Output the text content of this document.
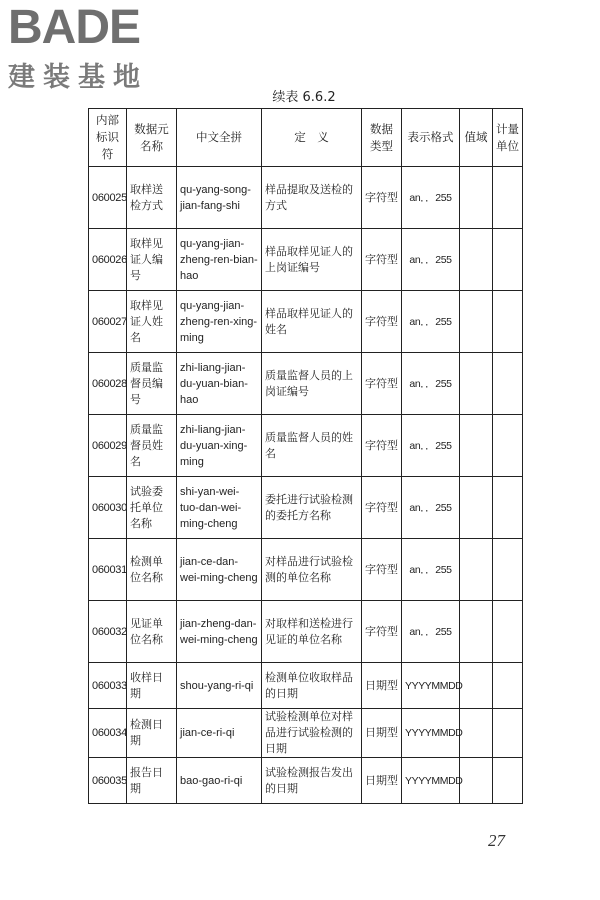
BADE
建装基地
续表 6.6.2
内部标识符	数据元名称	中文全拼	定　义	数据类型	表示格式	值域	计量单位
060025	取样送检方式	qu-yang-song-jian-fang-shi	样品提取及送检的方式	字符型	an．．255		
060026	取样见证人编号	qu-yang-jian-zheng-ren-bian-hao	样品取样见证人的上岗证编号	字符型	an．．255		
060027	取样见证人姓名	qu-yang-jian-zheng-ren-xing-ming	样品取样见证人的姓名	字符型	an．．255		
060028	质量监督员编号	zhi-liang-jian-du-yuan-bian-hao	质量监督人员的上岗证编号	字符型	an．．255		
060029	质量监督员姓名	zhi-liang-jian-du-yuan-xing-ming	质量监督人员的姓名	字符型	an．．255		
060030	试验委托单位名称	shi-yan-wei-tuo-dan-wei-ming-cheng	委托进行试验检测的委托方名称	字符型	an．．255		
060031	检测单位名称	jian-ce-dan-wei-ming-cheng	对样品进行试验检测的单位名称	字符型	an．．255		
060032	见证单位名称	jian-zheng-dan-wei-ming-cheng	对取样和送检进行见证的单位名称	字符型	an．．255		
060033	收样日期	shou-yang-ri-qi	检测单位收取样品的日期	日期型	YYYYMMDD		
060034	检测日期	jian-ce-ri-qi	试验检测单位对样品进行试验检测的日期	日期型	YYYYMMDD		
060035	报告日期	bao-gao-ri-qi	试验检测报告发出的日期	日期型	YYYYMMDD		
27
